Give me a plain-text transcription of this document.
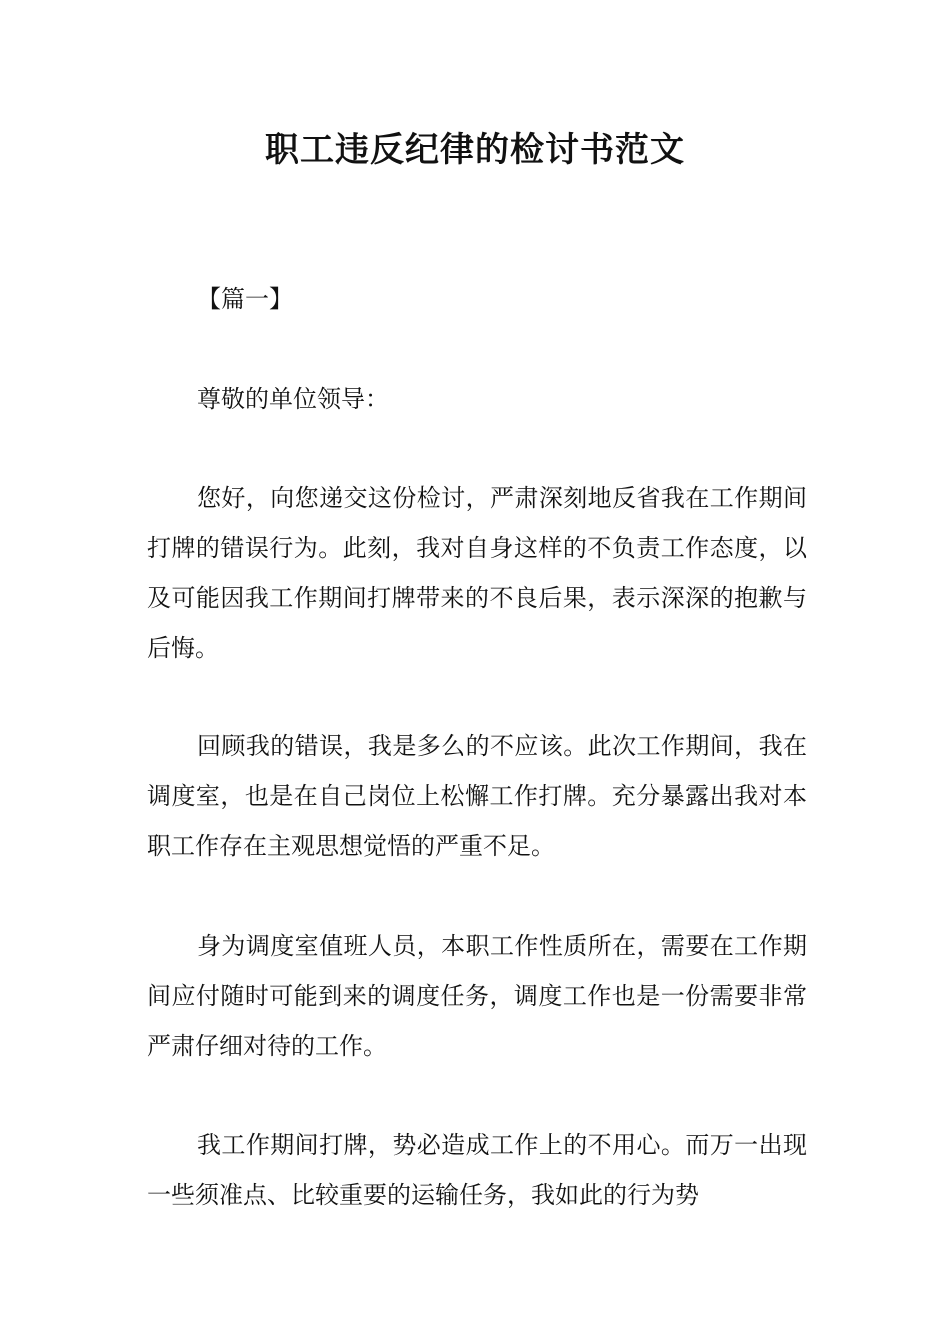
职工违反纪律的检讨书范文
【篇一】
尊敬的单位领导：

您好，向您递交这份检讨，严肃深刻地反省我在工作期间打牌的错误行为。此刻，我对自身这样的不负责工作态度，以及可能因我工作期间打牌带来的不良后果，表示深深的抱歉与后悔。

回顾我的错误，我是多么的不应该。此次工作期间，我在调度室，也是在自己岗位上松懈工作打牌。充分暴露出我对本职工作存在主观思想觉悟的严重不足。

身为调度室值班人员，本职工作性质所在，需要在工作期间应付随时可能到来的调度任务，调度工作也是一份需要非常严肃仔细对待的工作。

我工作期间打牌，势必造成工作上的不用心。而万一出现一些须准点、比较重要的运输任务，我如此的行为势
